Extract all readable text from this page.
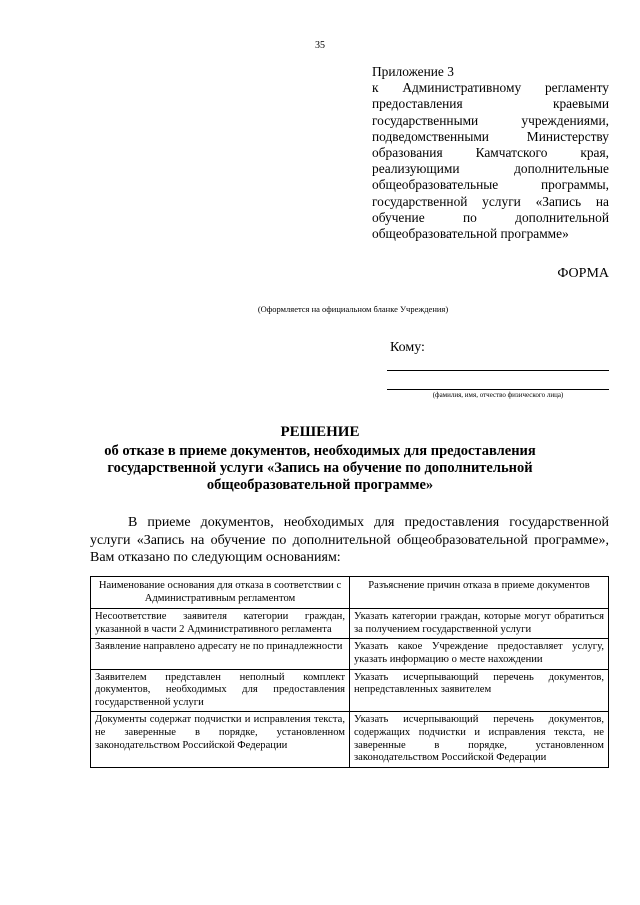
35
Приложение 3
к Административному регламенту предоставления краевыми государственными учреждениями, подведомственными Министерству образования Камчатского края, реализующими дополнительные общеобразовательные программы, государственной услуги «Запись на обучение по дополнительной общеобразовательной программе»
ФОРМА
(Оформляется на официальном бланке Учреждения)
Кому:
(фамилия, имя, отчество физического лица)
РЕШЕНИЕ
об отказе в приеме документов, необходимых для предоставления государственной услуги «Запись на обучение по дополнительной общеобразовательной программе»
В приеме документов, необходимых для предоставления государственной услуги «Запись на обучение по дополнительной общеобразовательной программе», Вам отказано по следующим основаниям:
Наименование основания для отказа в соответствии с Административным регламентом	Разъяснение причин отказа в приеме документов
Несоответствие заявителя категории граждан, указанной в части 2 Административного регламента	Указать категории граждан, которые могут обратиться за получением государственной услуги
Заявление направлено адресату не по принадлежности	Указать какое Учреждение предоставляет услугу, указать информацию о месте нахождении
Заявителем представлен неполный комплект документов, необходимых для предоставления государственной услуги	Указать исчерпывающий перечень документов, непредставленных заявителем
Документы содержат подчистки и исправления текста, не заверенные в порядке, установленном законодательством Российской Федерации	Указать исчерпывающий перечень документов, содержащих подчистки и исправления текста, не заверенные в порядке, установленном законодательством Российской Федерации
